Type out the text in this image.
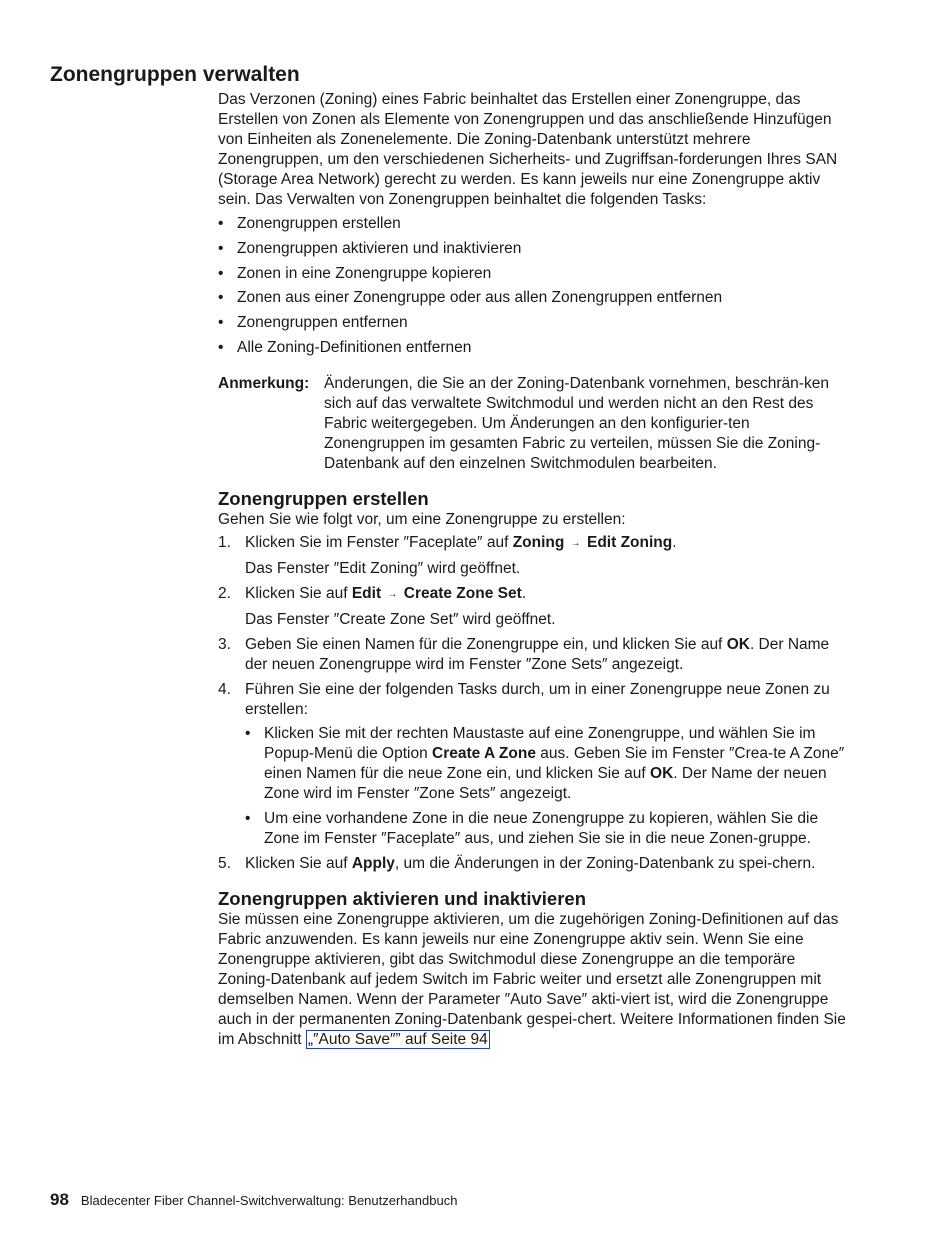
Zonengruppen verwalten

Das Verzonen (Zoning) eines Fabric beinhaltet das Erstellen einer Zonengruppe, das Erstellen von Zonen als Elemente von Zonengruppen und das anschließende Hinzufügen von Einheiten als Zonenelemente. Die Zoning-Datenbank unterstützt mehrere Zonengruppen, um den verschiedenen Sicherheits- und Zugriffsan-forderungen Ihres SAN (Storage Area Network) gerecht zu werden. Es kann jeweils nur eine Zonengruppe aktiv sein. Das Verwalten von Zonengruppen beinhaltet die folgenden Tasks:

• Zonengruppen erstellen
• Zonengruppen aktivieren und inaktivieren
• Zonen in eine Zonengruppe kopieren
• Zonen aus einer Zonengruppe oder aus allen Zonengruppen entfernen
• Zonengruppen entfernen
• Alle Zoning-Definitionen entfernen
Anmerkung: Änderungen, die Sie an der Zoning-Datenbank vornehmen, beschrän-ken sich auf das verwaltete Switchmodul und werden nicht an den Rest des Fabric weitergegeben. Um Änderungen an den konfigurier-ten Zonengruppen im gesamten Fabric zu verteilen, müssen Sie die Zoning-Datenbank auf den einzelnen Switchmodulen bearbeiten.
Zonengruppen erstellen

Gehen Sie wie folgt vor, um eine Zonengruppe zu erstellen:

1. Klicken Sie im Fenster ″Faceplate″ auf Zoning → Edit Zoning.
Das Fenster ″Edit Zoning″ wird geöffnet.
2. Klicken Sie auf Edit → Create Zone Set.
Das Fenster ″Create Zone Set″ wird geöffnet.
3. Geben Sie einen Namen für die Zonengruppe ein, und klicken Sie auf OK. Der Name der neuen Zonengruppe wird im Fenster ″Zone Sets″ angezeigt.
4. Führen Sie eine der folgenden Tasks durch, um in einer Zonengruppe neue Zonen zu erstellen:
• Klicken Sie mit der rechten Maustaste auf eine Zonengruppe, und wählen Sie im Popup-Menü die Option Create A Zone aus. Geben Sie im Fenster ″Crea-te A Zone″ einen Namen für die neue Zone ein, und klicken Sie auf OK. Der Name der neuen Zone wird im Fenster ″Zone Sets″ angezeigt.
• Um eine vorhandene Zone in die neue Zonengruppe zu kopieren, wählen Sie die Zone im Fenster ″Faceplate″ aus, und ziehen Sie sie in die neue Zonen-gruppe.
5. Klicken Sie auf Apply, um die Änderungen in der Zoning-Datenbank zu spei-chern.
Zonengruppen aktivieren und inaktivieren

Sie müssen eine Zonengruppe aktivieren, um die zugehörigen Zoning-Definitionen auf das Fabric anzuwenden. Es kann jeweils nur eine Zonengruppe aktiv sein. Wenn Sie eine Zonengruppe aktivieren, gibt das Switchmodul diese Zonengruppe an die temporäre Zoning-Datenbank auf jedem Switch im Fabric weiter und ersetzt alle Zonengruppen mit demselben Namen. Wenn der Parameter ″Auto Save″ akti-viert ist, wird die Zonengruppe auch in der permanenten Zoning-Datenbank gespei-chert. Weitere Informationen finden Sie im Abschnitt „″Auto Save″” auf Seite 94

98 Bladecenter Fiber Channel-Switchverwaltung: Benutzerhandbuch
